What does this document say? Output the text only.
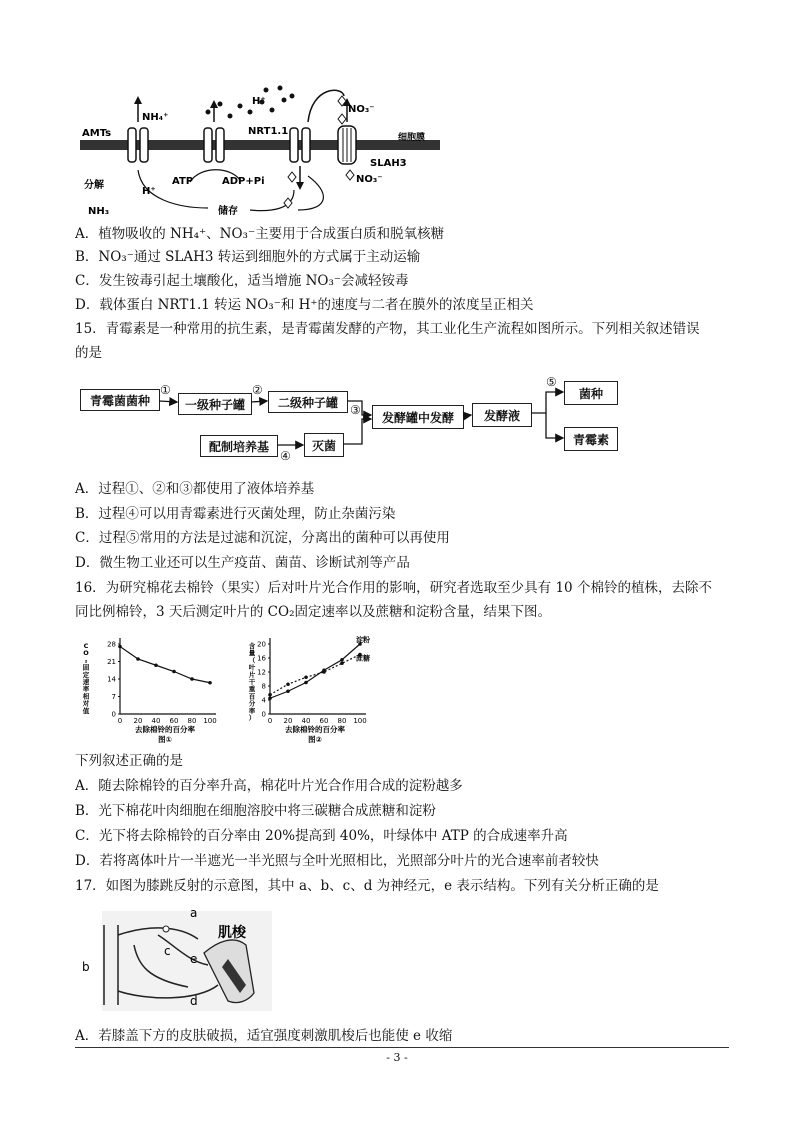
AMTs
NH₄⁺
H⁺
NRT1.1
NO₃⁻
细胞膜
SLAH3
NO₃⁻
分解
H⁺
NH₃
ATP	ADP+Pi
储存
A．植物吸收的 NH₄⁺、NO₃⁻主要用于合成蛋白质和脱氧核糖
B．NO₃⁻通过 SLAH3 转运到细胞外的方式属于主动运输
C．发生铵毒引起土壤酸化，适当增施 NO₃⁻会减轻铵毒
D．载体蛋白 NRT1.1 转运 NO₃⁻和 H⁺的速度与二者在膜外的浓度呈正相关
15．青霉素是一种常用的抗生素，是青霉菌发酵的产物，其工业化生产流程如图所示。下列相关叙述错误
的是
青霉菌菌种	一级种子罐	二级种子罐
发酵罐中发酵	发酵液
菌种
青霉素
配制培养基	灭菌
①	②
③
④
⑤
A．过程①、②和③都使用了液体培养基
B．过程④可以用青霉素进行灭菌处理，防止杂菌污染
C．过程⑤常用的方法是过滤和沉淀，分离出的菌种可以再使用
D．微生物工业还可以生产疫苗、菌苗、诊断试剂等产品
16．为研究棉花去棉铃（果实）后对叶片光合作用的影响，研究者选取至少具有 10 个棉铃的植株，去除不
同比例棉铃，3 天后测定叶片的 CO₂固定速率以及蔗糖和淀粉含量，结果下图。
0 20 40 60 80 100
0
7
14
21
28
C
O
₂
固
定
速
率
相
对
值
去除棉铃的百分率
图①
0 20 40 60 80 100
0
4
8
12
16
20
含
量
（
叶
片
干
重
百
分
率
）
去除棉铃的百分率
图②
淀粉
蔗糖
下列叙述正确的是
A．随去除棉铃的百分率升高，棉花叶片光合作用合成的淀粉越多
B．光下棉花叶肉细胞在细胞溶胶中将三碳糖合成蔗糖和淀粉
C．光下将去除棉铃的百分率由 20%提高到 40%，叶绿体中 ATP 的合成速率升高
D．若将离体叶片一半遮光一半光照与全叶光照相比，光照部分叶片的光合速率前者较快
17．如图为膝跳反射的示意图，其中 a、b、c、d 为神经元，e 表示结构。下列有关分析正确的是
a
肌梭
b
c
e
d
A．若膝盖下方的皮肤破损，适宜强度刺激肌梭后也能使 e 收缩
- 3 -
